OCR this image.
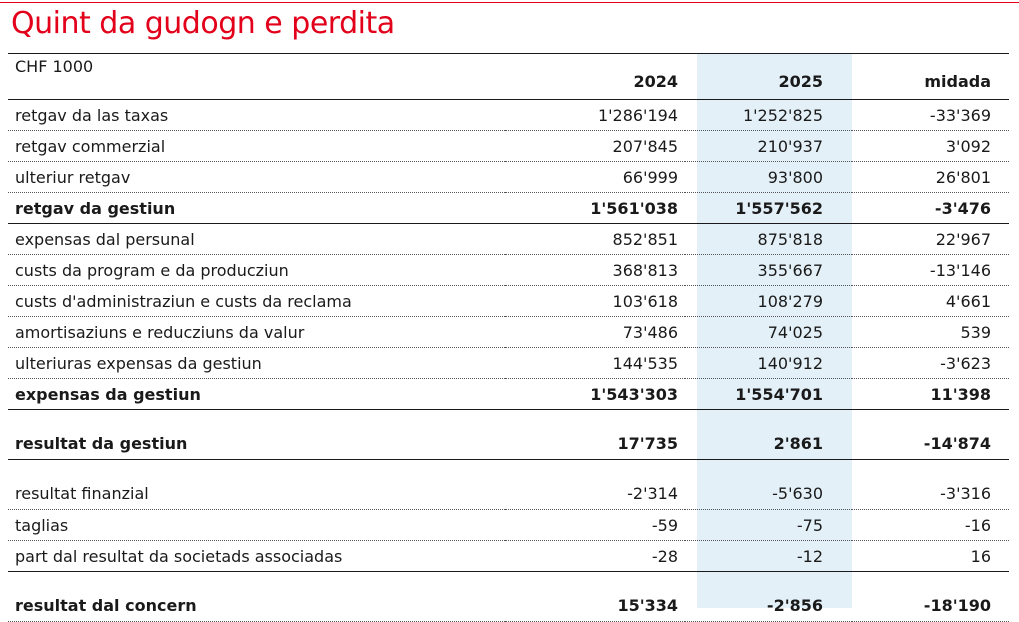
Quint da gudogn e perdita
CHF 1000	2024	2025	midada

retgav da las taxas	1'286'194	1'252'825	-33'369
retgav commerzial	207'845	210'937	3'092
ulteriur retgav	66'999	93'800	26'801
retgav da gestiun	1'561'038	1'557'562	-3'476
expensas dal persunal	852'851	875'818	22'967
custs da program e da producziun	368'813	355'667	-13'146
custs d'administraziun e custs da reclama	103'618	108'279	4'661
amortisaziuns e reducziuns da valur	73'486	74'025	539
ulteriuras expensas da gestiun	144'535	140'912	-3'623
expensas da gestiun	1'543'303	1'554'701	11'398
resultat da gestiun	17'735	2'861	-14'874
resultat finanzial	-2'314	-5'630	-3'316
taglias	-59	-75	-16
part dal resultat da societads associadas	-28	-12	16
resultat dal concern	15'334	-2'856	-18'190
